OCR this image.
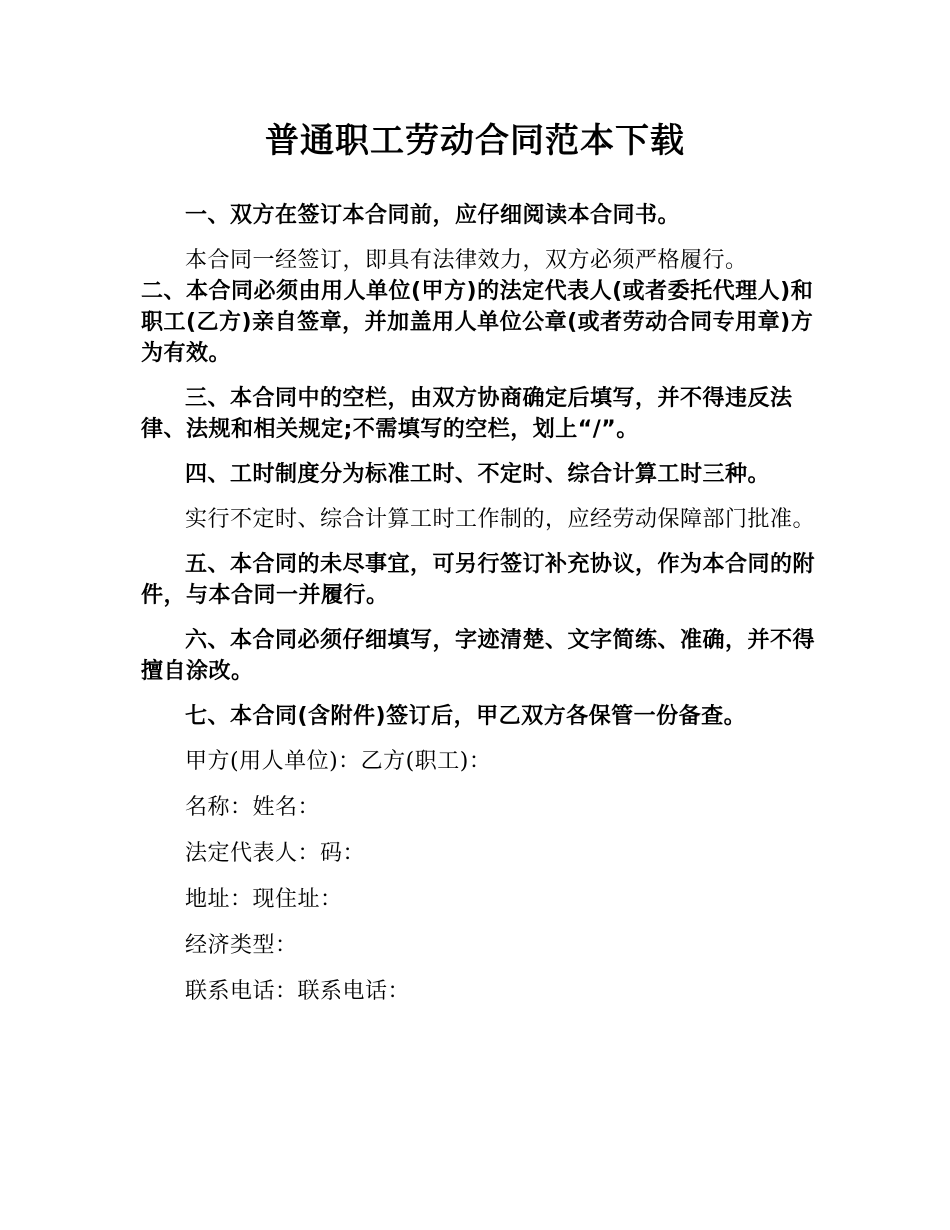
普通职工劳动合同范本下载

一、双方在签订本合同前，应仔细阅读本合同书。

本合同一经签订，即具有法律效力，双方必须严格履行。

二、本合同必须由用人单位(甲方)的法定代表人(或者委托代理人)和职工(乙方)亲自签章，并加盖用人单位公章(或者劳动合同专用章)方为有效。

三、本合同中的空栏，由双方协商确定后填写，并不得违反法律、法规和相关规定;不需填写的空栏，划上“/”。

四、工时制度分为标准工时、不定时、综合计算工时三种。

实行不定时、综合计算工时工作制的，应经劳动保障部门批准。

五、本合同的未尽事宜，可另行签订补充协议，作为本合同的附件，与本合同一并履行。

六、本合同必须仔细填写，字迹清楚、文字简练、准确，并不得擅自涂改。

七、本合同(含附件)签订后，甲乙双方各保管一份备查。

甲方(用人单位)：乙方(职工)：

名称：姓名：

法定代表人：码：

地址：现住址：

经济类型：

联系电话：联系电话：
